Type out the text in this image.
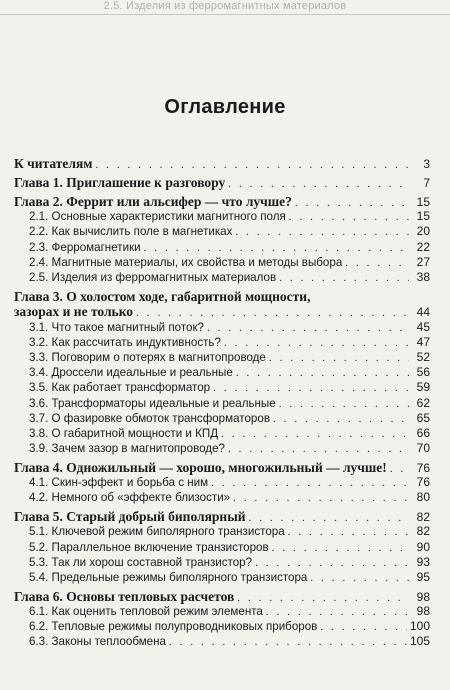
2.5. Изделия из ферромагнитных материалов
Оглавление
К читателям . . .	3
Глава 1. Приглашение к разговору . . .	7
Глава 2. Феррит или альсифер — что лучше? . . .	15
2.1. Основные характеристики магнитного поля . . .	15
2.2. Как вычислить поле в магнетиках . . .	20
2.3. Ферромагнетики . . .	22
2.4. Магнитные материалы, их свойства и методы выбора . . .	27
2.5. Изделия из ферромагнитных материалов . . .	38
Глава 3. О холостом ходе, габаритной мощности,
зазорах и не только . . .	44
3.1. Что такое магнитный поток? . . .	45
3.2. Как рассчитать индуктивность? . . .	47
3.3. Поговорим о потерях в магнитопроводе . . .	52
3.4. Дроссели идеальные и реальные . . .	56
3.5. Как работает трансформатор . . .	59
3.6. Трансформаторы идеальные и реальные . . .	62
3.7. О фазировке обмоток трансформаторов . . .	65
3.8. О габаритной мощности и КПД . . .	66
3.9. Зачем зазор в магнитопроводе? . . .	70
Глава 4. Одножильный — хорошо, многожильный — лучше! . . .	76
4.1. Скин-эффект и борьба с ним . . .	76
4.2. Немного об «эффекте близости» . . .	80
Глава 5. Старый добрый биполярный . . .	82
5.1. Ключевой режим биполярного транзистора . . .	82
5.2. Параллельное включение транзисторов . . .	90
5.3. Так ли хорош составной транзистор? . . .	93
5.4. Предельные режимы биполярного транзистора . . .	95
Глава 6. Основы тепловых расчетов . . .	98
6.1. Как оценить тепловой режим элемента . . .	98
6.2. Тепловые режимы полупроводниковых приборов . . .	100
6.3. Законы теплообмена . . .	105
